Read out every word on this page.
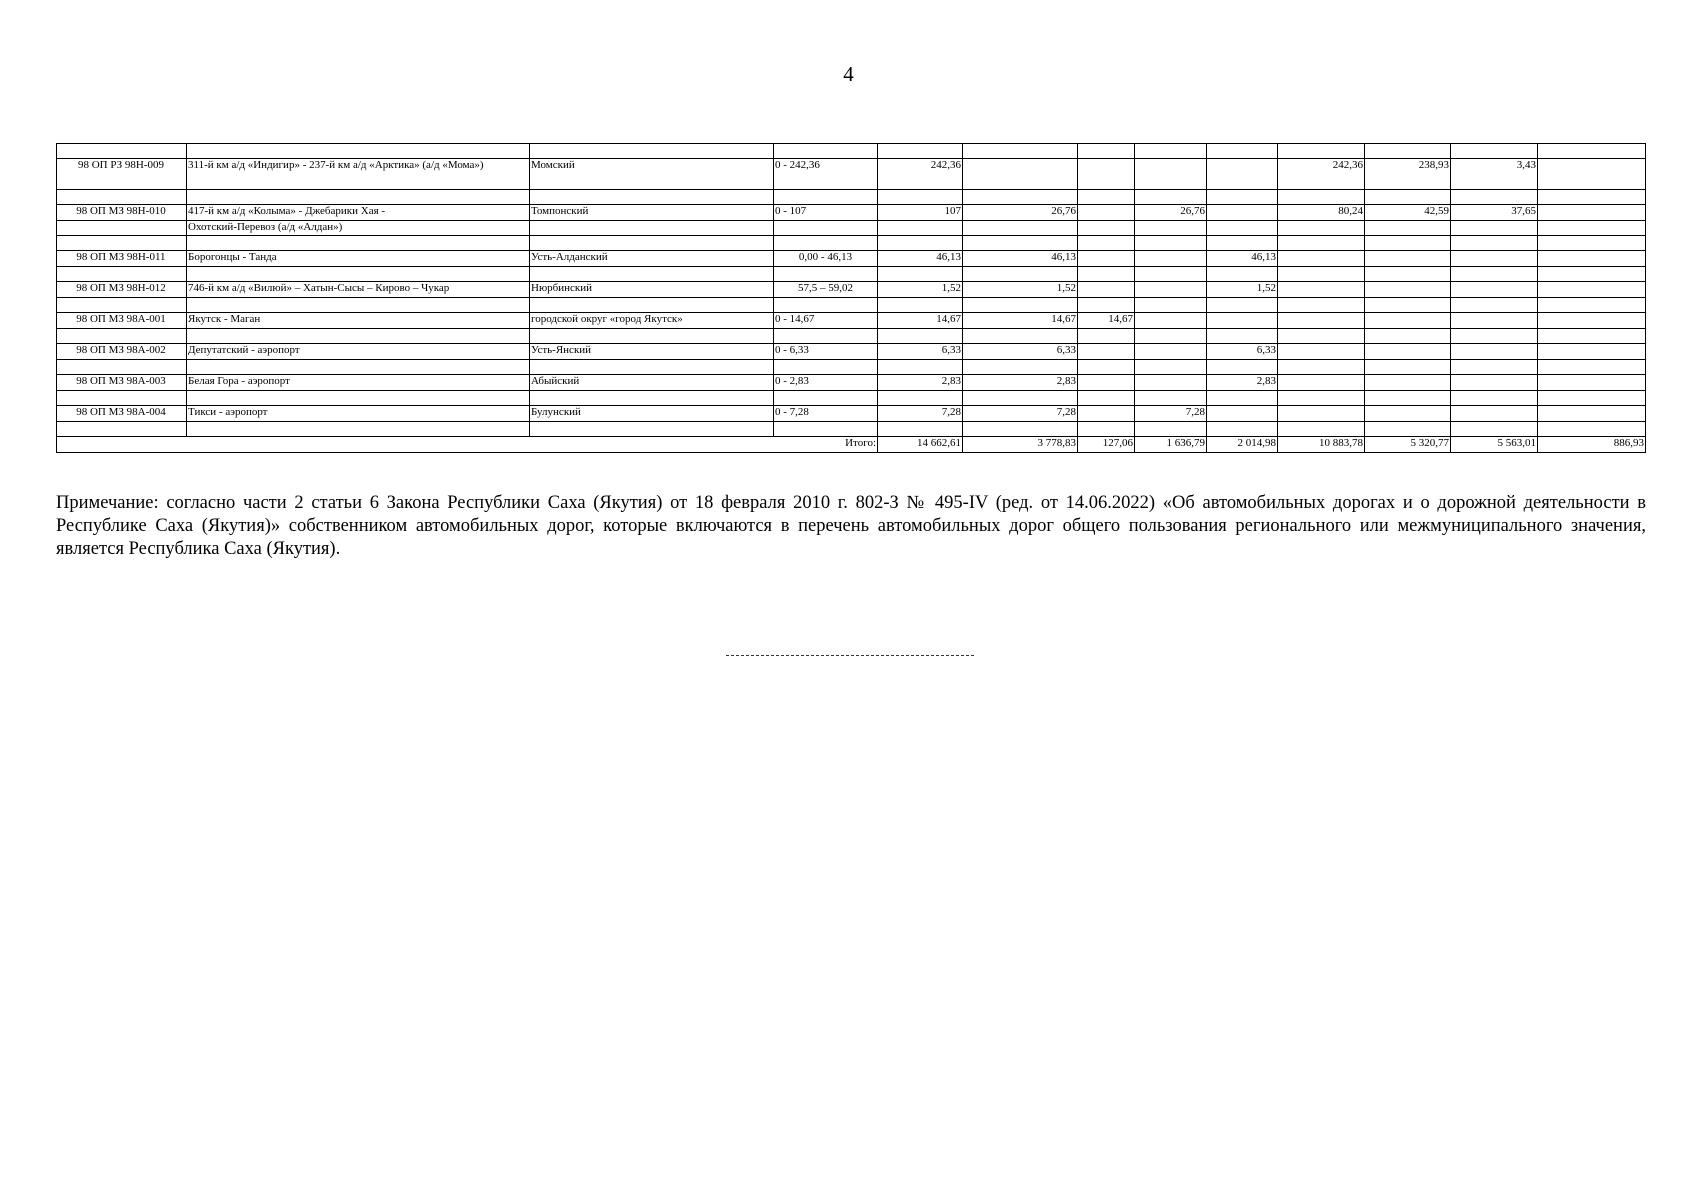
4

98 ОП РЗ 98Н-009	311-й км а/д «Индигир» - 237-й км а/д «Арктика» (а/д «Мома»)	Момский	0 - 242,36	242,36					242,36	238,93	3,43	

98 ОП МЗ 98Н-010	417-й км а/д «Колыма» - Джебарики Хая -	Томпонский	0 - 107	107	26,76		26,76		80,24	42,59	37,65	
	Охотский-Перевоз (а/д «Алдан»)											

98 ОП МЗ 98Н-011	Борогонцы - Танда	Усть-Алданский	0,00 - 46,13	46,13	46,13			46,13				

98 ОП МЗ 98Н-012	746-й км а/д «Вилюй» – Хатын-Сысы – Кирово – Чукар	Нюрбинский	57,5 – 59,02	1,52	1,52			1,52				

98 ОП МЗ 98А-001	Якутск - Маган	городской округ «город Якутск»	0 - 14,67	14,67	14,67	14,67						

98 ОП МЗ 98А-002	Депутатский - аэропорт	Усть-Янский	0 - 6,33	6,33	6,33			6,33				

98 ОП МЗ 98А-003	Белая Гора - аэропорт	Абыйский	0 - 2,83	2,83	2,83			2,83				

98 ОП МЗ 98А-004	Тикси - аэропорт	Булунский	0 - 7,28	7,28	7,28		7,28					

Итого:				14 662,61	3 778,83	127,06	1 636,79	2 014,98	10 883,78	5 320,77	5 563,01	886,93
Примечание: согласно части 2 статьи 6 Закона Республики Саха (Якутия) от 18 февраля 2010 г. 802-З № 495-IV (ред. от 14.06.2022) «Об автомобильных дорогах и о дорожной деятельности в Республике Саха (Якутия)» собственником автомобильных дорог, которые включаются в перечень автомобильных дорог общего пользования регионального или межмуниципального значения, является Республика Саха (Якутия).
